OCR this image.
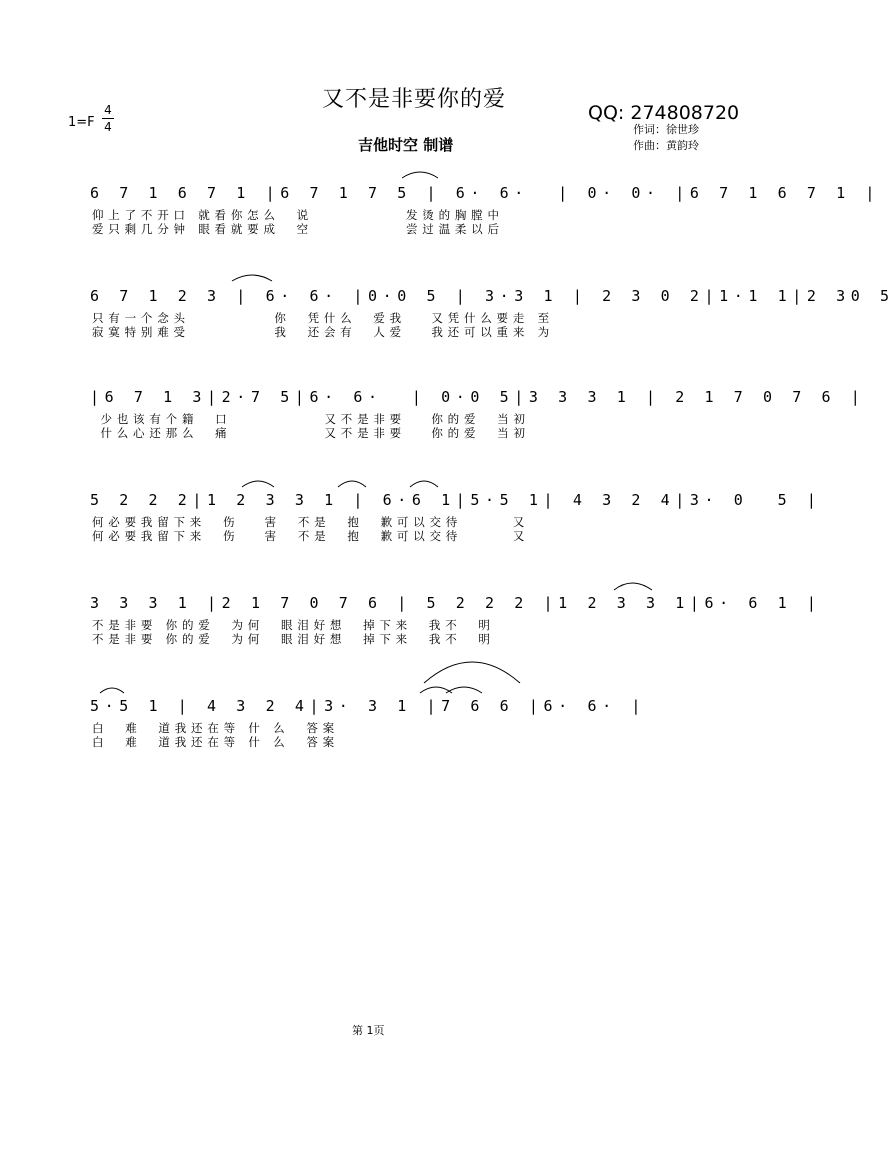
又不是非要你的爱
1=F
4
4
QQ: 274808720
作词：徐世珍
作曲：黄韵玲
吉他时空 制谱
6 7 1 6 7 1 |6 7 1 7 5 | 6· 6·  | 0· 0· |6 7 1 6 7 1 |
仰上了不开口 就看你怎么  说           发烫的胸膛中
爱只剩几分钟 眼看就要成  空           尝过温柔以后
6 7 1 2 3 | 6· 6· |0·0 5 | 3·3 1 | 2 3 0 2|1·1 1|2 30 5
只有一个念头          你  凭什么  爱我   又凭什么要走 至
寂寞特别难受          我  还会有  人爱   我还可以重来 为
|6 7 1 3|2·7 5|6· 6·  | 0·0 5|3 3 3 1 | 2 1 7 0 7 6 |
少也该有个籍  口           又不是非要   你的爱  当初
什么心还那么  痛           又不是非要   你的爱  当初
5 2 2 2|1 2 3 3 1 | 6·6 1|5·5 1| 4 3 2 4|3· 0  5 |
何必要我留下来  伤   害  不是  抱  歉可以交待      又
何必要我留下来  伤   害  不是  抱  歉可以交待      又
3 3 3 1 |2 1 7 0 7 6 | 5 2 2 2 |1 2 3 3 1|6· 6 1 |
不是非要 你的爱  为何  眼泪好想  掉下来  我不  明
不是非要 你的爱  为何  眼泪好想  掉下来  我不  明
5·5 1 | 4 3 2 4|3· 3 1 |7 6 6 |6· 6· |
白  难  道我还在等 什 么  答案
白  难  道我还在等 什 么  答案
第 1页
